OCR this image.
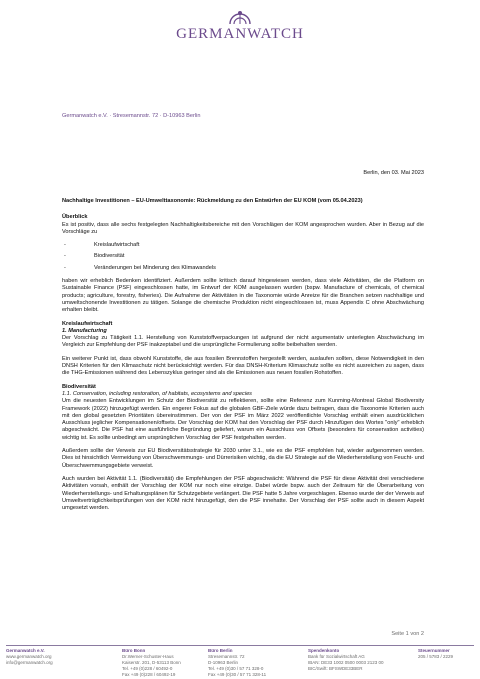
GERMANWATCH
Germanwatch e.V. · Stresemannstr. 72 · D-10963 Berlin
Berlin, den 03. Mai 2023

Nachhaltige Investitionen – EU-Umwelttaxonomie: Rückmeldung zu den Entwürfen der EU KOM (vom 05.04.2023)

Überblick

Es ist positiv, dass alle sechs festgelegten Nachhaltigkeitsbereiche mit den Vorschlägen der KOM angesprochen wurden. Aber in Bezug auf die Vorschläge zu

-	Kreislaufwirtschaft
-	Biodiversität
-	Veränderungen bei Minderung des Klimawandels

haben wir erheblich Bedenken identifiziert. Außerdem sollte kritisch darauf hingewiesen werden, dass viele Aktivitäten, die die Platform on Sustainable Finance (PSF) eingeschlossen hatte, im Entwurf der KOM ausgelassen wurden (bspw. Manufacture of chemicals, of chemical products; agriculture, forestry, fisheries). Die Aufnahme der Aktivitäten in die Taxonomie würde Anreize für die Branchen setzen nachhaltige und umweltschonende Investitionen zu tätigen. Solange die chemische Produktion nicht eingeschlossen ist, muss Appendix C ohne Abschwächung erhalten bleibt.

Kreislaufwirtschaft

1. Manufacturing

Der Vorschlag zu Tätigkeit 1.1. Herstellung von Kunststoffverpackungen ist aufgrund der nicht argumentativ unterlegten Abschwächung im Vergleich zur Empfehlung der PSF inakzeptabel und die ursprüngliche Formulierung sollte beibehalten werden.

Ein weiterer Punkt ist, dass obwohl Kunststoffe, die aus fossilen Brennstoffen hergestellt werden, auslaufen sollten, diese Notwendigkeit in den DNSH Kriterien für den Klimaschutz nicht berücksichtigt werden. Für das DNSH-Kriterium Klimaschutz sollte es nicht ausreichen zu sagen, dass die THG-Emissionen während des Lebenszyklus geringer sind als die Emissionen aus neuen fossilen Rohstoffen.

Biodiversität

1.1. Conservation, including restoration, of habitats, ecosystems and species

Um die neuesten Entwicklungen im Schutz der Biodiversität zu reflektieren, sollte eine Referenz zum Kunming-Montreal Global Biodiversity Framework (2022) hinzugefügt werden. Ein engerer Fokus auf die globalen GBF-Ziele würde dazu beitragen, dass die Taxonomie Kriterien auch mit den global gesetzten Prioritäten übereinstimmen. Der von der PSF im März 2022 veröffentlichte Vorschlag enthält einen ausdrücklichen Ausschluss jeglicher Kompensationen/offsets. Der Vorschlag der KOM hat den Vorschlag der PSF durch Hinzufügen des Wortes "only" erheblich abgeschwächt. Die PSF hat eine ausführliche Begründung geliefert, warum ein Ausschluss von Offsets (besonders für conservation activities) wichtig ist. Es sollte unbedingt am ursprünglichen Vorschlag der PSF festgehalten werden.

Außerdem sollte der Verweis zur EU Biodiversitätsstrategie für 2030 unter 3.1., wie es die PSF empfohlen hat, wieder aufgenommen werden. Dies ist hinsichtlich Vermeidung von Überschwemmungs- und Dürrerisiken wichtig, da die EU Strategie auf die Wiederherstellung von Feucht- und Überschwemmungsgebiete verweist.

Auch wurden bei Aktivität 1.1. (Biodiversität) die Empfehlungen der PSF abgeschwächt: Während die PSF für diese Aktivität drei verschiedene Aktivitäten vorsah, enthält der Vorschlag der KOM nur noch eine einzige. Dabei würde bspw. auch der Zeitraum für die Überarbeitung von Wiederherstellungs- und Erhaltungsplänen für Schutzgebiete verlängert. Die PSF hatte 5 Jahre vorgeschlagen. Ebenso wurde der der Verweis auf Umweltverträglichkeitsprüfungen von der KOM nicht hinzugefügt, den die PSF innehatte. Der Vorschlag der PSF sollte auch in diesem Aspekt umgesetzt werden.

Seite 1 von 2
Germanwatch e.V.
www.germanwatch.org
info@germanwatch.org
Büro Bonn
Dr.Werner-Schuster-Haus
Kaiserstr. 201, D-53113 Bonn
Tel. +49 (0)228 / 60492-0
Fax +49 (0)228 / 60492-19
Büro Berlin
Stresemannstr. 72
D-10963 Berlin
Tel. +49 (0)30 / 57 71 328-0
Fax +49 (0)30 / 57 71 328-11
Spendenkonto
Bank für Sozialwirtschaft AG
IBAN: DE33 1002 0500 0003 2123 00
BIC/Swift: BFSWDE33BER
Steuernummer
205 / 5783 / 2229
